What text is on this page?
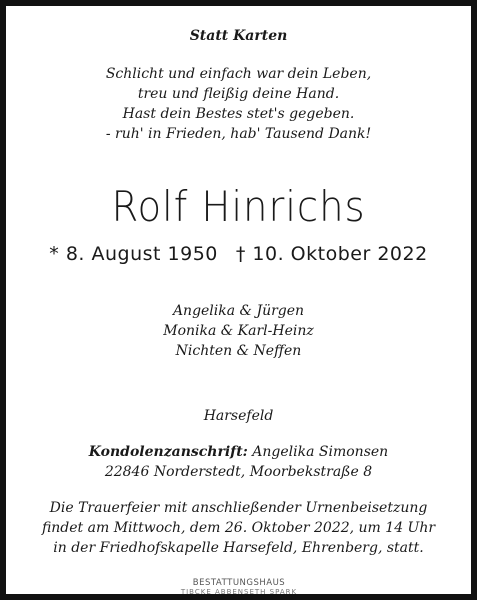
Statt Karten
Schlicht und einfach war dein Leben,
treu und fleißig deine Hand.
Hast dein Bestes stet's gegeben.
- ruh' in Frieden, hab' Tausend Dank!
Rolf Hinrichs
* 8. August 1950 † 10. Oktober 2022
Angelika & Jürgen
Monika & Karl-Heinz
Nichten & Neffen
Harsefeld
Kondolenzanschrift: Angelika Simonsen
22846 Norderstedt, Moorbekstraße 8
Die Trauerfeier mit anschließender Urnenbeisetzung
findet am Mittwoch, dem 26. Oktober 2022, um 14 Uhr
in der Friedhofskapelle Harsefeld, Ehrenberg, statt.
BESTATTUNGSHAUS
TIBCKE ABBENSETH SPARK
